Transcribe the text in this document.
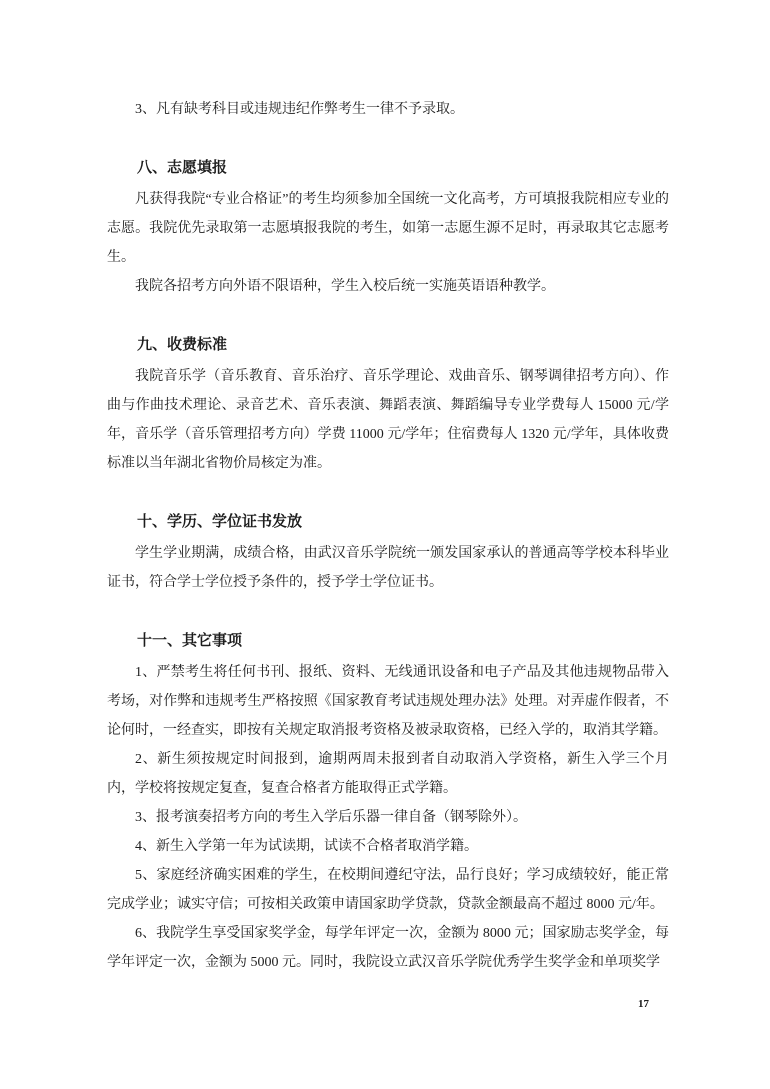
3、凡有缺考科目或违规违纪作弊考生一律不予录取。

八、志愿填报

凡获得我院“专业合格证”的考生均须参加全国统一文化高考，方可填报我院相应专业的志愿。我院优先录取第一志愿填报我院的考生，如第一志愿生源不足时，再录取其它志愿考生。

我院各招考方向外语不限语种，学生入校后统一实施英语语种教学。

九、收费标准

我院音乐学（音乐教育、音乐治疗、音乐学理论、戏曲音乐、钢琴调律招考方向）、作曲与作曲技术理论、录音艺术、音乐表演、舞蹈表演、舞蹈编导专业学费每人 15000 元/学年，音乐学（音乐管理招考方向）学费 11000 元/学年；住宿费每人 1320 元/学年，具体收费标准以当年湖北省物价局核定为准。

十、学历、学位证书发放

学生学业期满，成绩合格，由武汉音乐学院统一颁发国家承认的普通高等学校本科毕业证书，符合学士学位授予条件的，授予学士学位证书。

十一、其它事项

1、严禁考生将任何书刊、报纸、资料、无线通讯设备和电子产品及其他违规物品带入考场，对作弊和违规考生严格按照《国家教育考试违规处理办法》处理。对弄虚作假者，不论何时，一经查实，即按有关规定取消报考资格及被录取资格，已经入学的，取消其学籍。

2、新生须按规定时间报到，逾期两周未报到者自动取消入学资格，新生入学三个月内，学校将按规定复查，复查合格者方能取得正式学籍。

3、报考演奏招考方向的考生入学后乐器一律自备（钢琴除外）。

4、新生入学第一年为试读期，试读不合格者取消学籍。

5、家庭经济确实困难的学生，在校期间遵纪守法，品行良好；学习成绩较好，能正常完成学业；诚实守信；可按相关政策申请国家助学贷款，贷款金额最高不超过 8000 元/年。

6、我院学生享受国家奖学金，每学年评定一次，金额为 8000 元；国家励志奖学金，每学年评定一次，金额为 5000 元。同时，我院设立武汉音乐学院优秀学生奖学金和单项奖学

17
